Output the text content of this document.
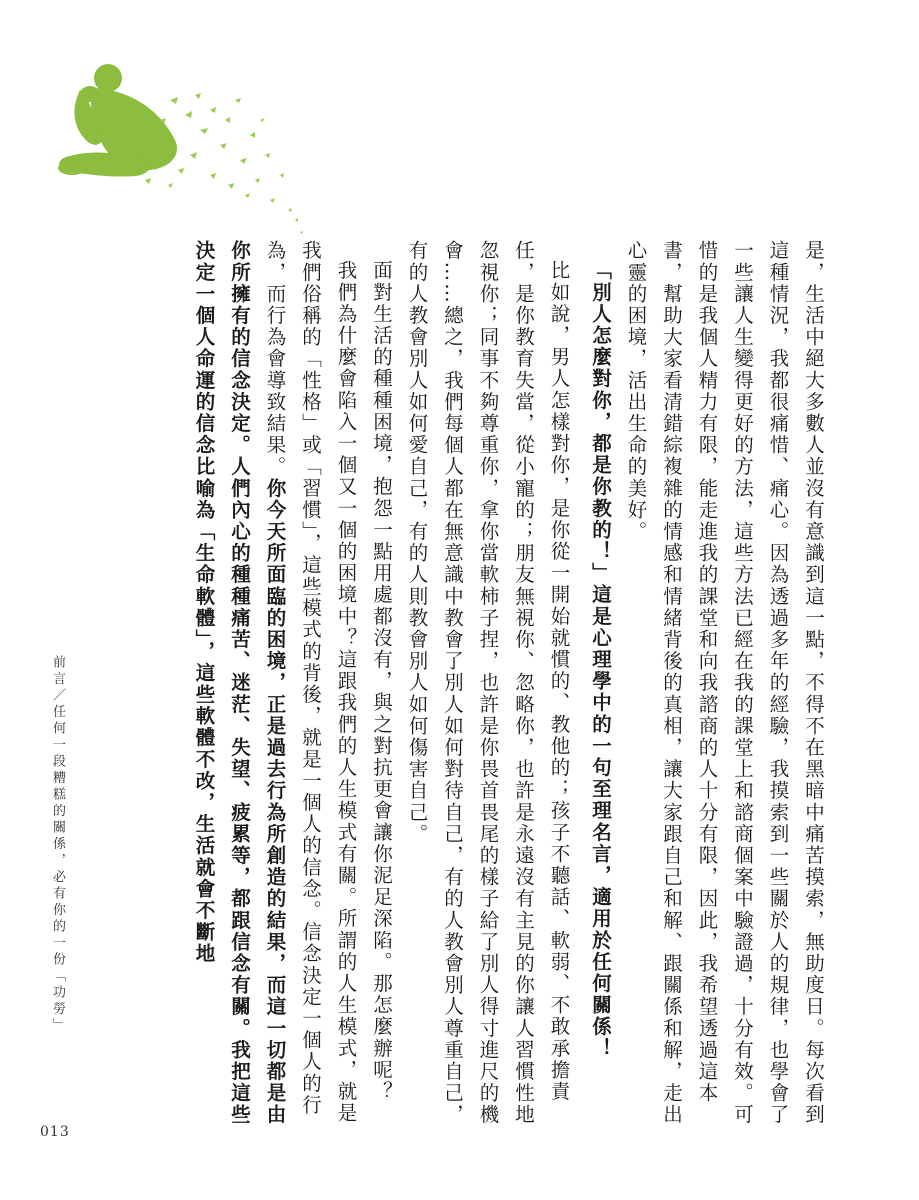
是，生活中絕大多數人並沒有意識到這一點，不得不在黑暗中痛苦摸索，無助度日。每次看到這種情況，我都很痛惜、痛心。因為透過多年的經驗，我摸索到一些關於人的規律，也學會了一些讓人生變得更好的方法，這些方法已經在我的課堂上和諮商個案中驗證過，十分有效。可惜的是我個人精力有限，能走進我的課堂和向我諮商的人十分有限，因此，我希望透過這本書，幫助大家看清錯綜複雜的情感和情緒背後的真相，讓大家跟自己和解、跟關係和解，走出心靈的困境，活出生命的美好。

「別人怎麼對你，都是你教的！」這是心理學中的一句至理名言，適用於任何關係！

比如說，男人怎樣對你，是你從一開始就慣的、教他的；孩子不聽話、軟弱、不敢承擔責任，是你教育失當，從小寵的；朋友無視你、忽略你，也許是永遠沒有主見的你讓人習慣性地忽視你；同事不夠尊重你，拿你當軟柿子捏，也許是你畏首畏尾的樣子給了別人得寸進尺的機會……總之，我們每個人都在無意識中教會了別人如何對待自己，有的人教會別人尊重自己，有的人教會別人如何愛自己，有的人則教會別人如何傷害自己。

面對生活的種種困境，抱怨一點用處都沒有，與之對抗更會讓你泥足深陷。那怎麼辦呢？

我們為什麼會陷入一個又一個的困境中？這跟我們的人生模式有關。所謂的人生模式，就是我們俗稱的「性格」或「習慣」，這些模式的背後，就是一個人的信念。信念決定一個人的行為，而行為會導致結果。你今天所面臨的困境，正是過去行為所創造的結果，而這一切都是由你所擁有的信念決定。人們內心的種種痛苦、迷茫、失望、疲累等，都跟信念有關。我把這些決定一個人命運的信念比喻為「生命軟體」，這些軟體不改，生活就會不斷地

前言／任何一段糟糕的關係，必有你的一份「功勞」
013
